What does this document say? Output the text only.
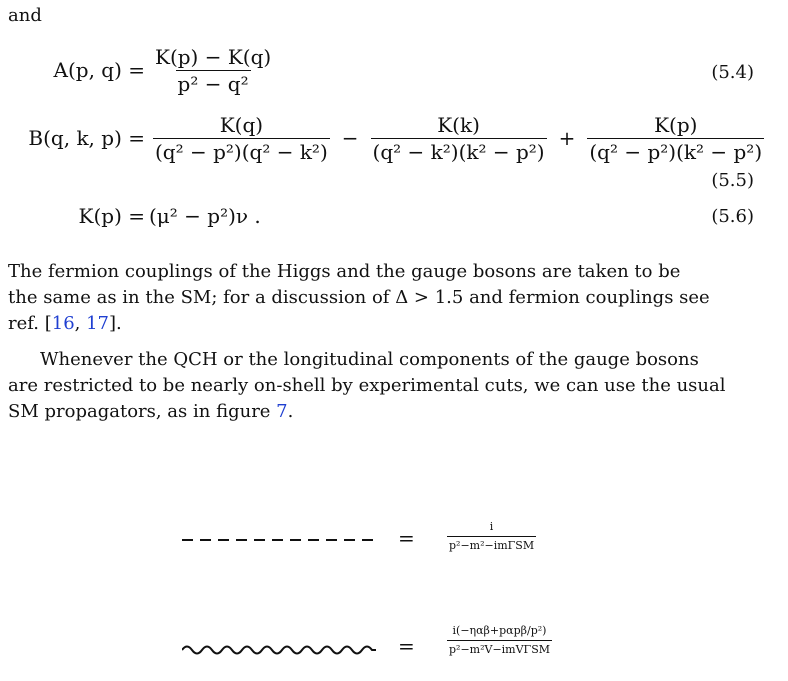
and
A(p, $q) = \frac{K(p) - K(q)}{\text{p² − q²}}$	(5.4)
B(q, k, $p) = \frac{K(q)}{\text{(q² − p²)(q² − k²)}} - \frac{K(k)}{\text{(q² − k²)(k² − p²)}} + \frac{K(p)}{\text{(q² − p²)(k² − p²)}}$
(5.5)
K(p) = (μ² − p²)ν .	(5.6)
The fermion couplings of the Higgs and the gauge bosons are taken to be
the same as in the SM; for a discussion of Δ > 1.5 and fermion couplings see
ref. [16, 17].
Whenever the QCH or the longitudinal components of the gauge bosons
are restricted to be nearly on-shell by experimental cuts, we can use the usual
SM propagators, as in figure 7.
=	i
p²−m²−imΓSM
=
i(−ηαβ+pαpβ/p²)
p²−m²V−imVΓSM
